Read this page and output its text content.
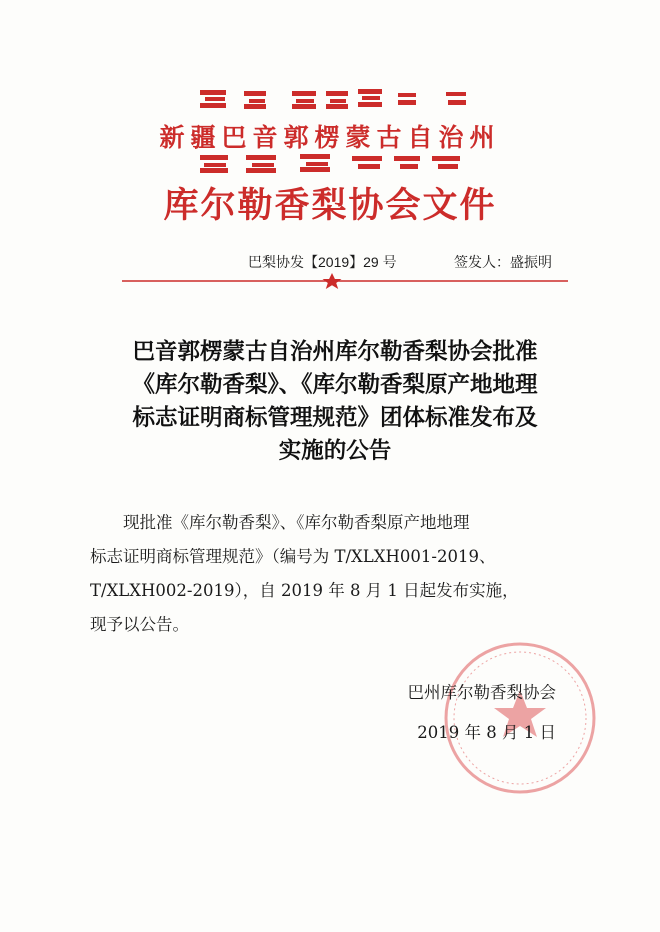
新疆巴音郭楞蒙古自治州
库尔勒香梨协会文件
巴梨协发【2019】29 号	签发人：盛振明
巴音郭楞蒙古自治州库尔勒香梨协会批准
《库尔勒香梨》、《库尔勒香梨原产地地理
标志证明商标管理规范》团体标准发布及
实施的公告
现批准《库尔勒香梨》、《库尔勒香梨原产地地理
标志证明商标管理规范》（编号为 T/XLXH001-2019、
T/XLXH002-2019），自 2019 年 8 月 1 日起发布实施，
现予以公告。
巴州库尔勒香梨协会
2019 年 8 月 1 日
